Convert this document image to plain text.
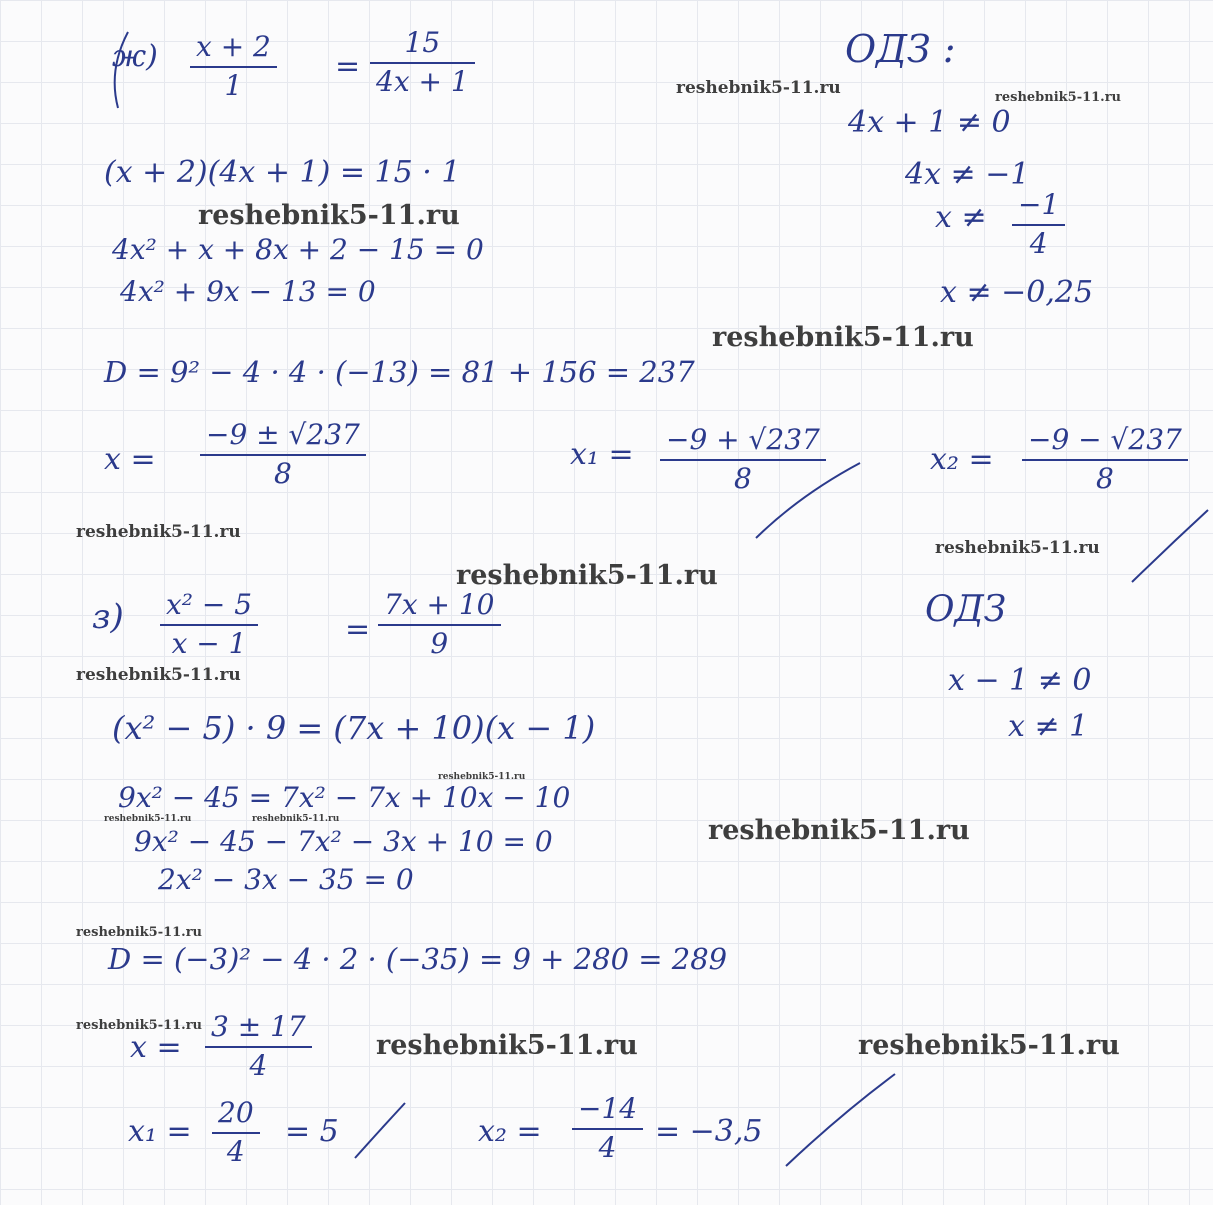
ж) x + 2
1
=
15
4x + 1
(x + 2)(4x + 1) = 15 · 1
4x² + x + 8x + 2 − 15 = 0
4x² + 9x − 13 = 0
D = 9² − 4 · 4 · (−13) = 81 + 156 = 237
x =
−9 ± √237
8
x₁ = −9 + √237
8
x₂ =
−9 − √237
8
ОДЗ :
4x + 1 ≠ 0
4x ≠ −1
x ≠ −1
4
x ≠ −0,25
з) x² − 5
x − 1	=
7x + 10
9
(x² − 5) · 9 = (7x + 10)(x − 1)
9x² − 45 = 7x² − 7x + 10x − 10
9x² − 45 − 7x² − 3x + 10 = 0
2x² − 3x − 35 = 0
D = (−3)² − 4 · 2 · (−35) = 9 + 280 = 289
x =
3 ± 17
4
x₁ =
20
4
= 5	x₂ =
−14
4 = −3,5
ОДЗ
x − 1 ≠ 0
x ≠ 1
reshebnik5-11.ru	reshebnik5-11.ru
reshebnik5-11.ru
reshebnik5-11.ru
reshebnik5-11.ru
reshebnik5-11.ru
reshebnik5-11.ru
reshebnik5-11.ru
reshebnik5-11.ru
reshebnik5-11.ru	reshebnik5-11.ru	reshebnik5-11.ru
reshebnik5-11.ru
reshebnik5-11.ru
reshebnik5-11.ru	reshebnik5-11.ru
